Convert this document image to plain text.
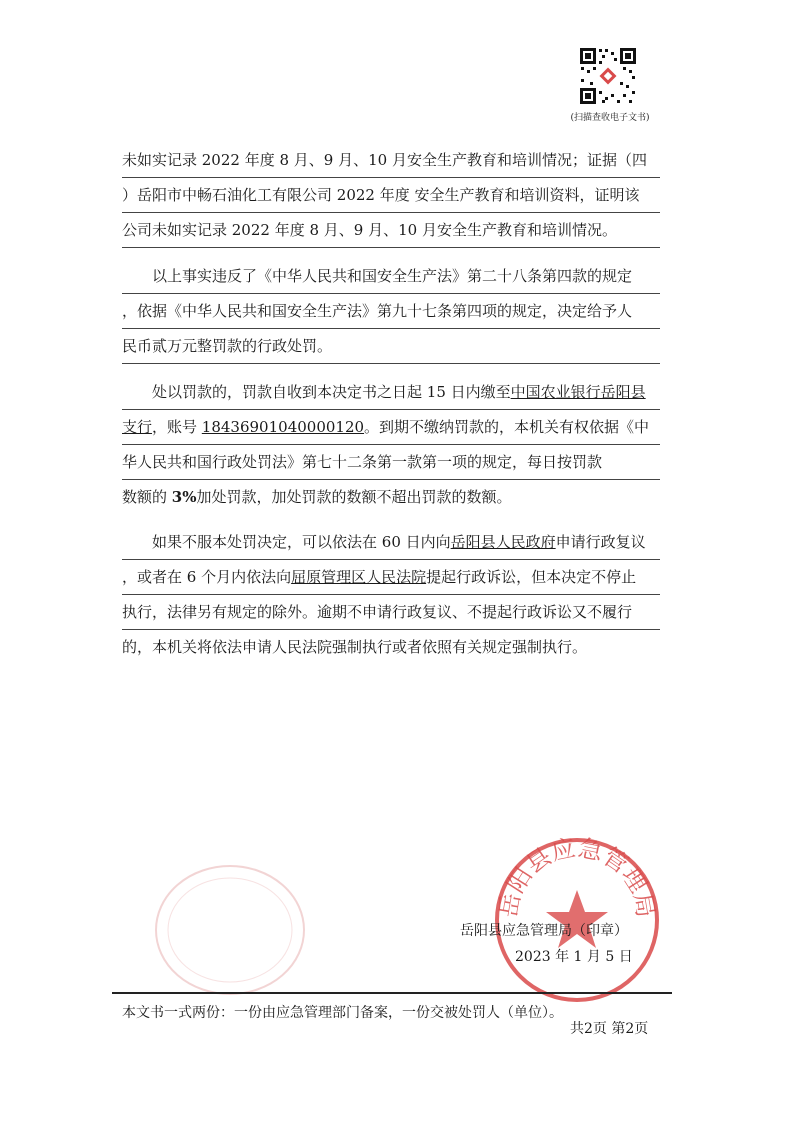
(扫描查收电子文书)
未如实记录 2022 年度 8 月、9 月、10 月安全生产教育和培训情况；证据（四
）岳阳市中畅石油化工有限公司 2022 年度 安全生产教育和培训资料，证明该
公司未如实记录 2022 年度 8 月、9 月、10 月安全生产教育和培训情况。
以上事实违反了《中华人民共和国安全生产法》第二十八条第四款的规定
，依据《中华人民共和国安全生产法》第九十七条第四项的规定，决定给予人
民币贰万元整罚款的行政处罚。
处以罚款的，罚款自收到本决定书之日起 15 日内缴至中国农业银行岳阳县
支行，账号 18436901040000120。到期不缴纳罚款的，本机关有权依据《中
华人民共和国行政处罚法》第七十二条第一款第一项的规定，每日按罚款
数额的 3%加处罚款，加处罚款的数额不超出罚款的数额。
如果不服本处罚决定，可以依法在 60 日内向岳阳县人民政府申请行政复议
，或者在 6 个月内依法向屈原管理区人民法院提起行政诉讼，但本决定不停止
执行，法律另有规定的除外。逾期不申请行政复议、不提起行政诉讼又不履行
的，本机关将依法申请人民法院强制执行或者依照有关规定强制执行。
岳阳县应急管理局
岳阳县应急管理局（印章）
2023 年 1 月 5 日
本文书一式两份：一份由应急管理部门备案，一份交被处罚人（单位）。
共2页 第2页
